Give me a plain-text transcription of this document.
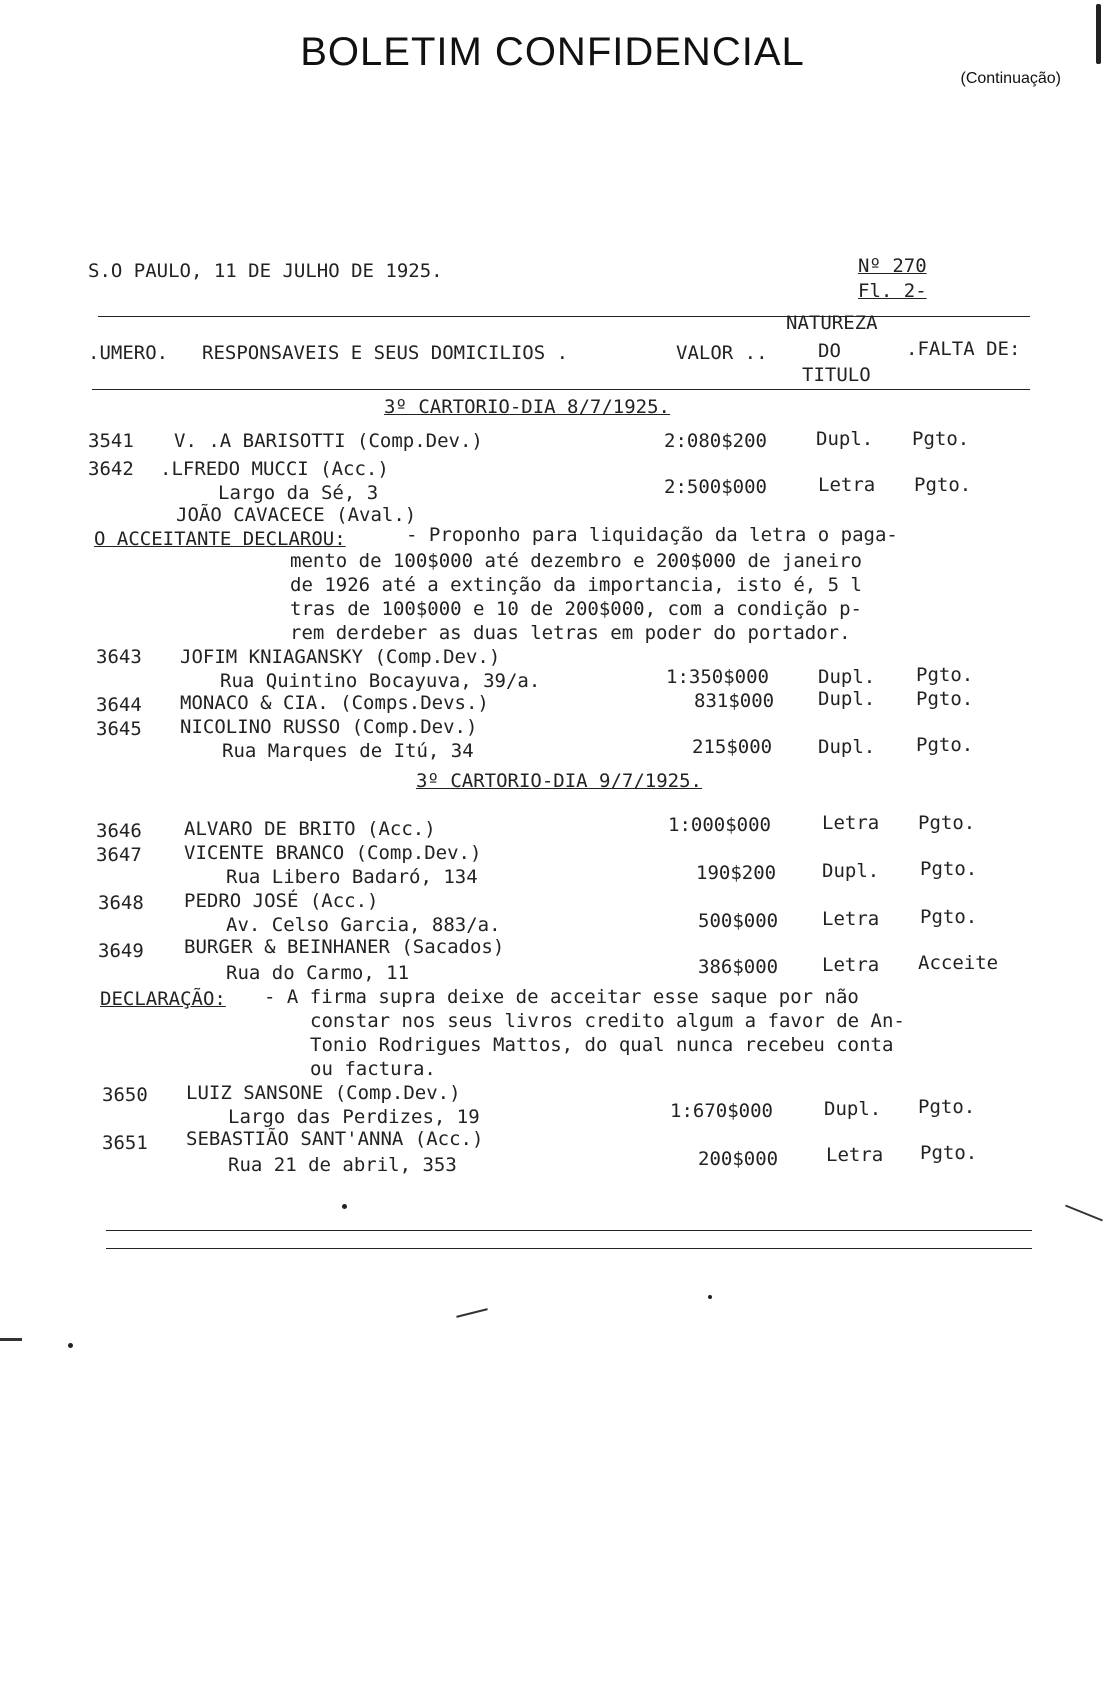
BOLETIM CONFIDENCIAL
(Continuação)
S.O PAULO, 11 DE JULHO DE 1925.	Nº 270
Fl. 2-
NATUREZA
.UMERO. RESPONSAVEIS E SEUS DOMICILIOS .	VALOR ..	DO	.FALTA DE:
TITULO
3º CARTORIO-DIA 8/7/1925.
3541 V. .A BARISOTTI (Comp.Dev.)	2:080$200	Dupl. Pgto.
3642 .LFREDO MUCCI (Acc.)
Largo da Sé, 3	2:500$000	Letra Pgto.
JOÃO CAVACECE (Aval.)
O ACCEITANTE DECLAROU:	- Proponho para liquidação da letra o paga-
mento de 100$000 até dezembro e 200$000 de janeiro
de 1926 até a extinção da importancia, isto é, 5 l
tras de 100$000 e 10 de 200$000, com a condição p-
rem derdeber as duas letras em poder do portador.
3643 JOFIM KNIAGANSKY (Comp.Dev.)
Rua Quintino Bocayuva, 39/a.	1:350$000	Dupl. Pgto.
3644 MONACO & CIA. (Comps.Devs.)	831$000 Dupl. Pgto.
3645 NICOLINO RUSSO (Comp.Dev.)
Rua Marques de Itú, 34	215$000 Dupl. Pgto.
3º CARTORIO-DIA 9/7/1925.
3646 ALVARO DE BRITO (Acc.)	1:000$000	Letra Pgto.
3647 VICENTE BRANCO (Comp.Dev.)
Rua Libero Badaró, 134	190$200 Dupl. Pgto.
3648 PEDRO JOSÉ (Acc.)
Av. Celso Garcia, 883/a.	500$000 Letra Pgto.
3649 BURGER & BEINHANER (Sacados)
Rua do Carmo, 11	386$000 Letra Acceite
DECLARAÇÃO: - A firma supra deixe de acceitar esse saque por não
constar nos seus livros credito algum a favor de An-
Tonio Rodrigues Mattos, do qual nunca recebeu conta
ou factura.
3650 LUIZ SANSONE (Comp.Dev.)
Largo das Perdizes, 19	1:670$000	Dupl. Pgto.
3651 SEBASTIÃO SANT'ANNA (Acc.)
Rua 21 de abril, 353	200$000	Letra Pgto.
